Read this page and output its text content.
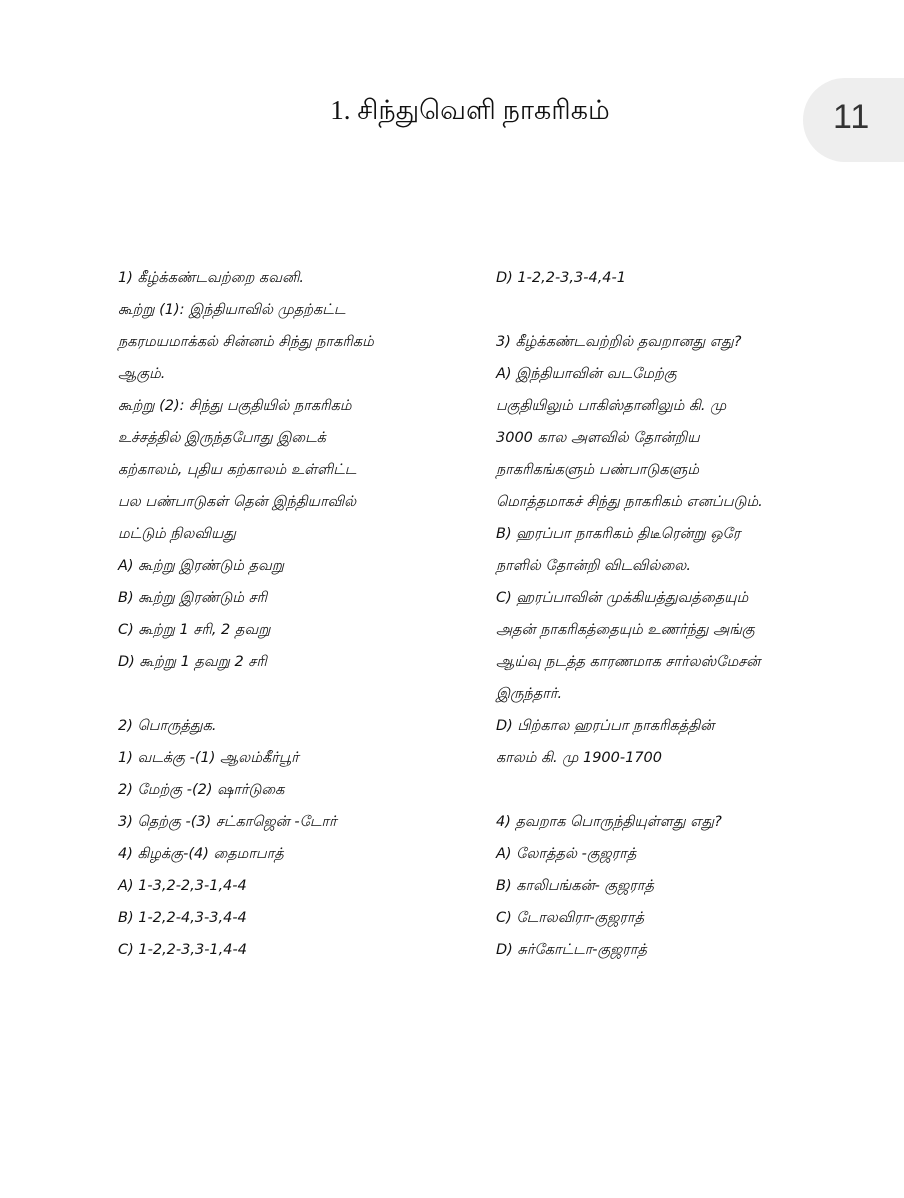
11
1. சிந்துவெளி நாகரிகம்
1) கீழ்க்கண்டவற்றை கவனி.
கூற்று (1): இந்தியாவில் முதற்கட்ட
நகரமயமாக்கல் சின்னம் சிந்து நாகரிகம்
ஆகும்.
கூற்று (2): சிந்து பகுதியில் நாகரிகம்
உச்சத்தில் இருந்தபோது இடைக்
கற்காலம், புதிய கற்காலம் உள்ளிட்ட
பல பண்பாடுகள் தென் இந்தியாவில்
மட்டும் நிலவியது
A) கூற்று இரண்டும் தவறு
B) கூற்று இரண்டும் சரி
C) கூற்று 1 சரி, 2 தவறு
D) கூற்று 1 தவறு 2 சரி
2) பொருத்துக.
1) வடக்கு -(1) ஆலம்கீர்பூர்
2) மேற்கு -(2) ஷார்டுகை
3) தெற்கு -(3) சட்காஜென் -டோர்
4) கிழக்கு-(4) தைமாபாத்
A) 1-3,2-2,3-1,4-4
B) 1-2,2-4,3-3,4-4
C) 1-2,2-3,3-1,4-4
D) 1-2,2-3,3-4,4-1
3) கீழ்க்கண்டவற்றில் தவறானது எது?
A) இந்தியாவின் வடமேற்கு
பகுதியிலும் பாகிஸ்தானிலும் கி. மு
3000 கால அளவில் தோன்றிய
நாகரிகங்களும் பண்பாடுகளும்
மொத்தமாகச் சிந்து நாகரிகம் எனப்படும்.
B) ஹரப்பா நாகரிகம் திடீரென்று ஒரே
நாளில் தோன்றி விடவில்லை.
C) ஹரப்பாவின் முக்கியத்துவத்தையும்
அதன் நாகரிகத்தையும் உணர்ந்து அங்கு
ஆய்வு நடத்த காரணமாக சார்லஸ்மேசன்
இருந்தார்.
D) பிற்கால ஹரப்பா நாகரிகத்தின்
காலம் கி. மு 1900-1700
4) தவறாக பொருந்தியுள்ளது எது?
A) லோத்தல் -குஜராத்
B) காலிபங்கன்- குஜராத்
C) டோலவிரா-குஜராத்
D) சுர்கோட்டா-குஜராத்
